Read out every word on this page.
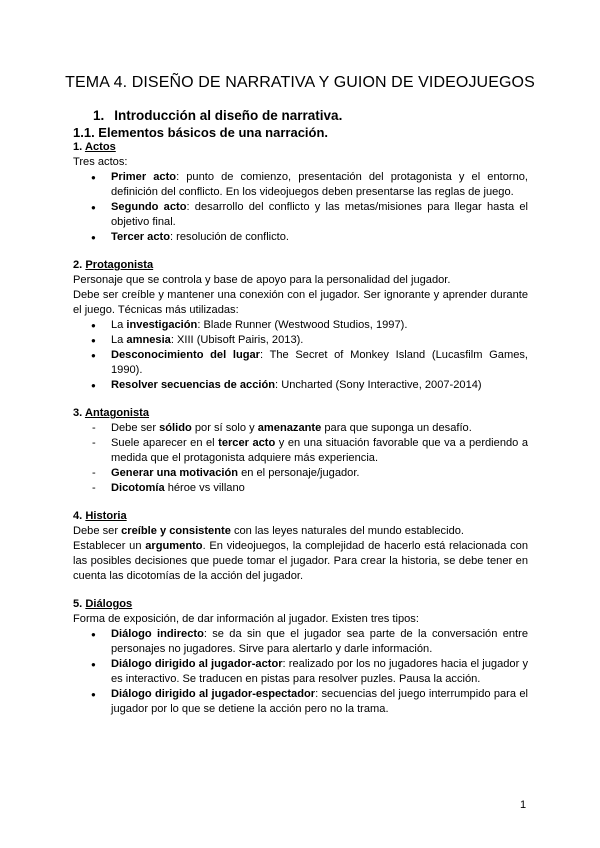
TEMA 4. DISEÑO DE NARRATIVA Y GUION DE VIDEOJUEGOS
1. Introducción al diseño de narrativa.
1.1. Elementos básicos de una narración.
1. Actos

Tres actos:

● Primer acto: punto de comienzo, presentación del protagonista y el entorno, definición del conflicto. En los videojuegos deben presentarse las reglas de juego.
● Segundo acto: desarrollo del conflicto y las metas/misiones para llegar hasta el objetivo final.
● Tercer acto: resolución de conflicto.
2. Protagonista

Personaje que se controla y base de apoyo para la personalidad del jugador.

Debe ser creíble y mantener una conexión con el jugador. Ser ignorante y aprender durante el juego. Técnicas más utilizadas:

● La investigación: Blade Runner (Westwood Studios, 1997).
● La amnesia: XIII (Ubisoft Pairis, 2013).
● Desconocimiento del lugar: The Secret of Monkey Island (Lucasfilm Games, 1990).
● Resolver secuencias de acción: Uncharted (Sony Interactive, 2007-2014)
3. Antagonista
- Debe ser sólido por sí solo y amenazante para que suponga un desafío.
- Suele aparecer en el tercer acto y en una situación favorable que va a perdiendo a medida que el protagonista adquiere más experiencia.
- Generar una motivación en el personaje/jugador.
- Dicotomía héroe vs villano
4. Historia

Debe ser creíble y consistente con las leyes naturales del mundo establecido.

Establecer un argumento. En videojuegos, la complejidad de hacerlo está relacionada con las posibles decisiones que puede tomar el jugador. Para crear la historia, se debe tener en cuenta las dicotomías de la acción del jugador.

5. Diálogos

Forma de exposición, de dar información al jugador. Existen tres tipos:

● Diálogo indirecto: se da sin que el jugador sea parte de la conversación entre personajes no jugadores. Sirve para alertarlo y darle información.
● Diálogo dirigido al jugador-actor: realizado por los no jugadores hacia el jugador y es interactivo. Se traducen en pistas para resolver puzles. Pausa la acción.
● Diálogo dirigido al jugador-espectador: secuencias del juego interrumpido para el jugador por lo que se detiene la acción pero no la trama.
1
